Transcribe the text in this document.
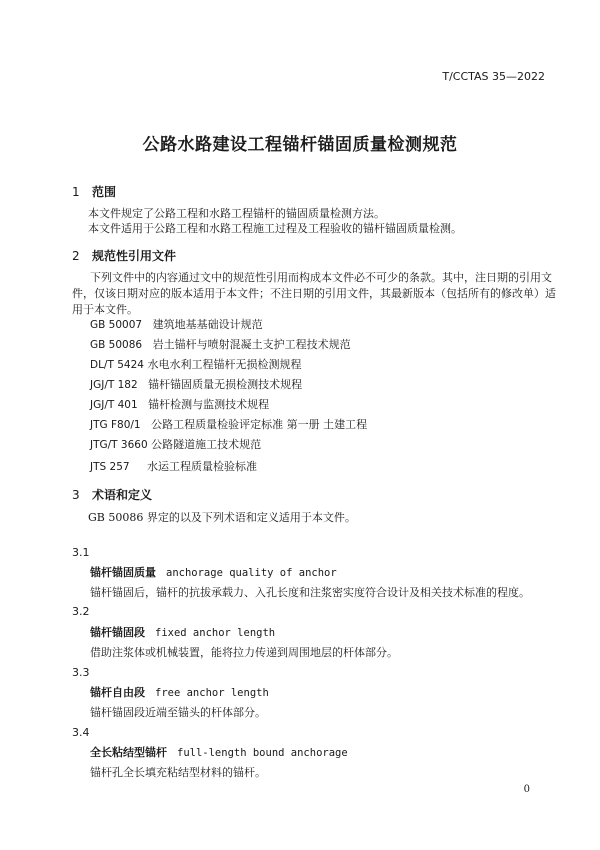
T/CCTAS 35—2022
公路水路建设工程锚杆锚固质量检测规范
1 范围
本文件规定了公路工程和水路工程锚杆的锚固质量检测方法。
本文件适用于公路工程和水路工程施工过程及工程验收的锚杆锚固质量检测。
2 规范性引用文件
下列文件中的内容通过文中的规范性引用而构成本文件必不可少的条款。其中，注日期的引用文件，仅该日期对应的版本适用于本文件；不注日期的引用文件，其最新版本（包括所有的修改单）适用于本文件。
GB 50007 建筑地基基础设计规范
GB 50086 岩土锚杆与喷射混凝土支护工程技术规范
DL/T 5424 水电水利工程锚杆无损检测规程
JGJ/T 182 锚杆锚固质量无损检测技术规程
JGJ/T 401 锚杆检测与监测技术规程
JTG F80/1 公路工程质量检验评定标准 第一册 土建工程
JTG/T 3660 公路隧道施工技术规范
JTS 257 水运工程质量检验标准
3 术语和定义
GB 50086 界定的以及下列术语和定义适用于本文件。
3.1
锚杆锚固质量 anchorage quality of anchor
锚杆锚固后，锚杆的抗拔承载力、入孔长度和注浆密实度符合设计及相关技术标准的程度。
3.2
锚杆锚固段 fixed anchor length
借助注浆体或机械装置，能将拉力传递到周围地层的杆体部分。
3.3
锚杆自由段 free anchor length
锚杆锚固段近端至锚头的杆体部分。
3.4
全长粘结型锚杆 full-length bound anchorage
锚杆孔全长填充粘结型材料的锚杆。
0
